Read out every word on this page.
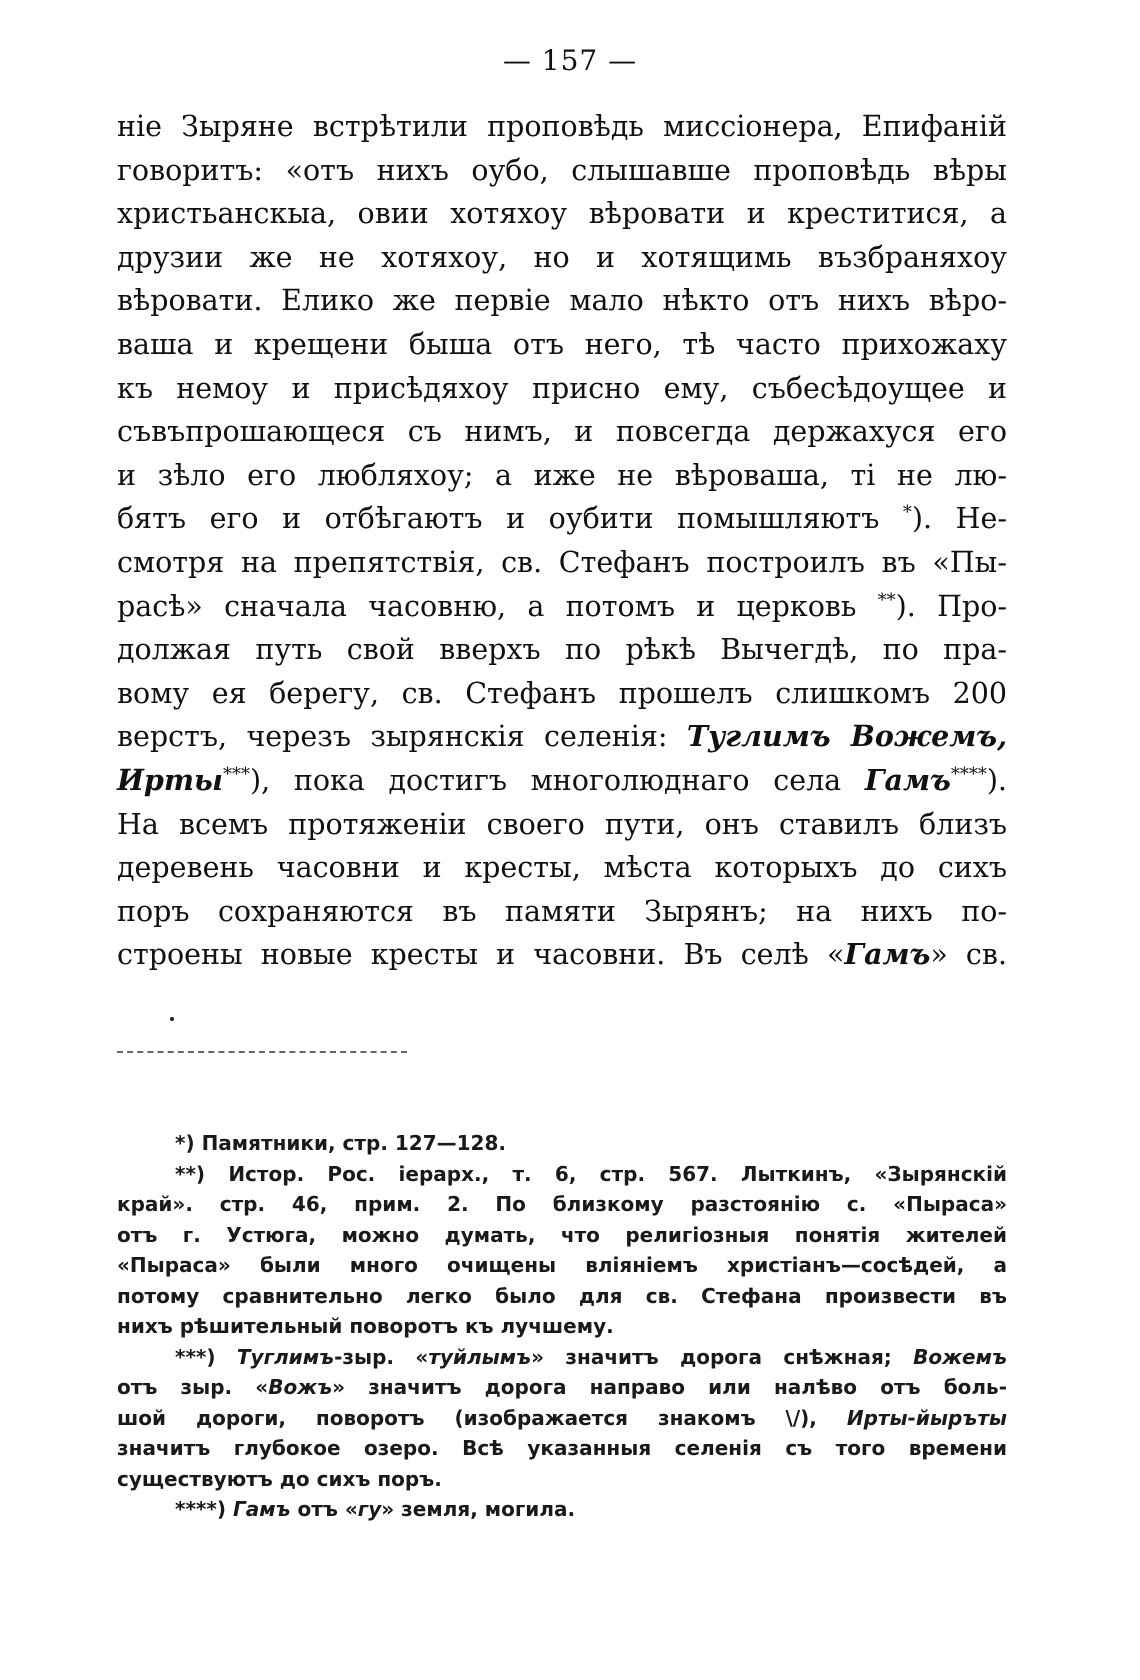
— 157 —
ніе Зыряне встрѣтили проповѣдь миссіонера, Епифаній
говоритъ: «отъ нихъ оубо, слышавше проповѣдь вѣры
христьанскыа, овии хотяхоу вѣровати и креститися, а
друзии же не хотяхоу, но и хотящимь възбраняхоу
вѣровати. Елико же первіе мало нѣкто отъ нихъ вѣро-
ваша и крещени быша отъ него, тѣ часто прихожаху
къ немоу и присѣдяхоу присно ему, събесѣдоущее и
съвъпрошающеся съ нимъ, и повсегда держахуся его
и зѣло его любляхоу; а иже не вѣроваша, ті не лю-
бятъ его и отбѣгаютъ и оубити помышляютъ *). Не-
смотря на препятствія, св. Стефанъ построилъ въ «Пы-
расѣ» сначала часовню, а потомъ и церковь **). Про-
должая путь свой вверхъ по рѣкѣ Вычегдѣ, по пра-
вому ея берегу, св. Стефанъ прошелъ слишкомъ 200
верстъ, черезъ зырянскія селенія: Туглимъ Вожемъ,
Ирты***), пока достигъ многолюднаго села Гамъ****).
На всемъ протяженіи своего пути, онъ ставилъ близъ
деревень часовни и кресты, мѣста которыхъ до сихъ
поръ сохраняются въ памяти Зырянъ; на нихъ по-
строены новые кресты и часовни. Въ селѣ «Гамъ» св.
*) Памятники, стр. 127—128.
**) Истор. Рос. іерарх., т. 6, стр. 567. Лыткинъ, «Зырянскій
край». стр. 46, прим. 2. По близкому разстоянію с. «Пыраса»
отъ г. Устюга, можно думать, что религіозныя понятія жителей
«Пыраса» были много очищены вліяніемъ христіанъ—сосѣдей, а
потому сравнительно легко было для св. Стефана произвести въ
нихъ рѣшительный поворотъ къ лучшему.
***) Туглимъ-зыр. «туйлымъ» значитъ дорога снѣжная; Вожемъ
отъ зыр. «Вожъ» значитъ дорога направо или налѣво отъ боль-
шой дороги, поворотъ (изображается знакомъ \/), Ирты-йыръты
значитъ глубокое озеро. Всѣ указанныя селенія съ того времени
существуютъ до сихъ поръ.
****) Гамъ отъ «гу» земля, могила.
